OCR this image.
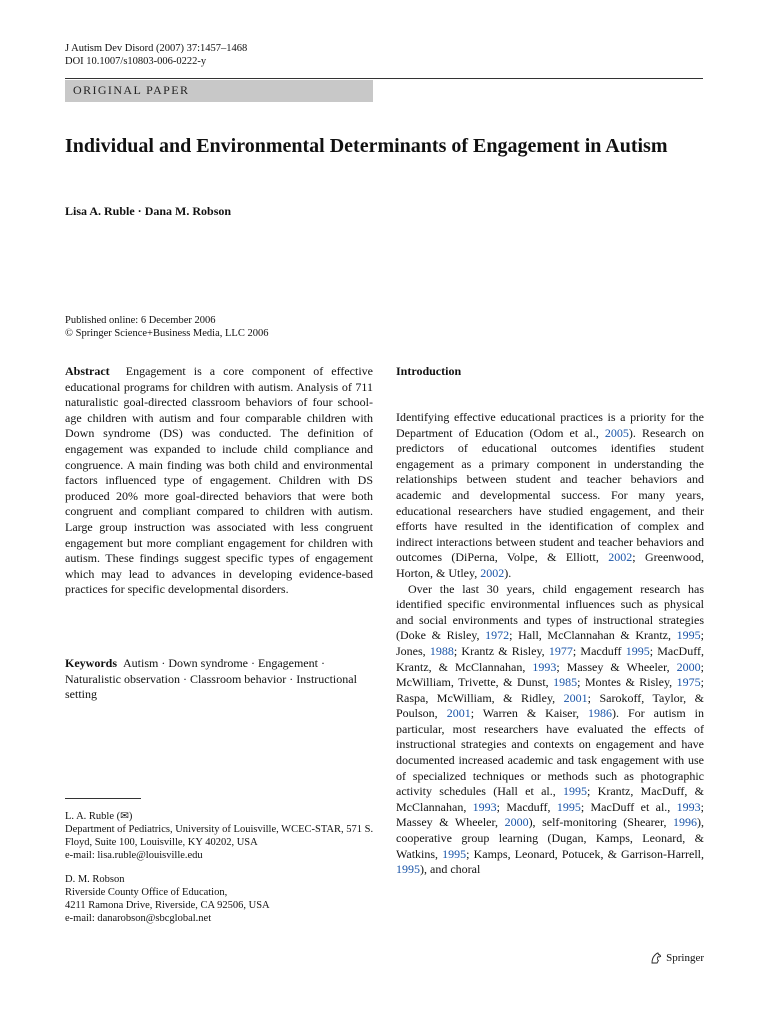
J Autism Dev Disord (2007) 37:1457–1468
DOI 10.1007/s10803-006-0222-y
ORIGINAL PAPER
Individual and Environmental Determinants of Engagement in Autism
Lisa A. Ruble · Dana M. Robson
Published online: 6 December 2006
© Springer Science+Business Media, LLC 2006

Abstract Engagement is a core component of effective educational programs for children with autism. Analysis of 711 naturalistic goal-directed classroom behaviors of four school-age children with autism and four comparable children with Down syndrome (DS) was conducted. The definition of engagement was expanded to include child compliance and congruence. A main finding was both child and environmental factors influenced type of engagement. Children with DS produced 20% more goal-directed behaviors that were both congruent and compliant compared to children with autism. Large group instruction was associated with less congruent engagement but more compliant engagement for children with autism. These findings suggest specific types of engagement which may lead to advances in developing evidence-based practices for specific developmental disorders.

Keywords Autism · Down syndrome · Engagement · Naturalistic observation · Classroom behavior · Instructional setting

Introduction

Identifying effective educational practices is a priority for the Department of Education (Odom et al., 2005). Research on predictors of educational outcomes identifies student engagement as a primary component in understanding the relationships between student and teacher behaviors and academic and developmental success. For many years, educational researchers have studied engagement, and their efforts have resulted in the identification of complex and indirect interactions between student and teacher behaviors and outcomes (DiPerna, Volpe, & Elliott, 2002; Greenwood, Horton, & Utley, 2002).

Over the last 30 years, child engagement research has identified specific environmental influences such as physical and social environments and types of instructional strategies (Doke & Risley, 1972; Hall, McClannahan & Krantz, 1995; Jones, 1988; Krantz & Risley, 1977; Macduff 1995; MacDuff, Krantz, & McClannahan, 1993; Massey & Wheeler, 2000; McWilliam, Trivette, & Dunst, 1985; Montes & Risley, 1975; Raspa, McWilliam, & Ridley, 2001; Sarokoff, Taylor, & Poulson, 2001; Warren & Kaiser, 1986). For autism in particular, most researchers have evaluated the effects of instructional strategies and contexts on engagement and have documented increased academic and task engagement with use of specialized techniques or methods such as photographic activity schedules (Hall et al., 1995; Krantz, MacDuff, & McClannahan, 1993; Macduff, 1995; MacDuff et al., 1993; Massey & Wheeler, 2000), self-monitoring (Shearer, 1996), cooperative group learning (Dugan, Kamps, Leonard, & Watkins, 1995; Kamps, Leonard, Potucek, & Garrison-Harrell, 1995), and choral

L. A. Ruble (✉)
Department of Pediatrics, University of Louisville, WCEC-STAR, 571 S. Floyd, Suite 100, Louisville, KY 40202, USA
e-mail: lisa.ruble@louisville.edu

D. M. Robson
Riverside County Office of Education,
4211 Ramona Drive, Riverside, CA 92506, USA
e-mail: danarobson@sbcglobal.net

Springer
